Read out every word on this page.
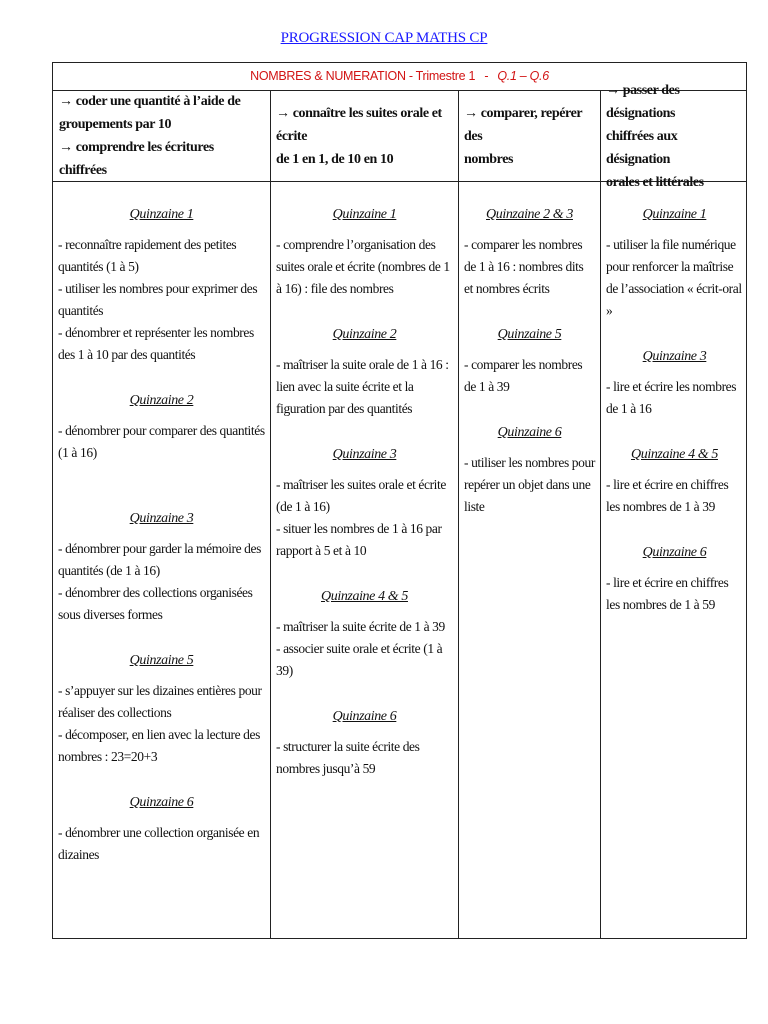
PROGRESSION CAP MATHS CP
NOMBRES & NUMERATION - Trimestre 1 - Q.1 – Q.6
→ coder une quantité à l’aide de
groupements par 10
→ comprendre les écritures chiffrées
→ connaître les suites orale et écrite
de 1 en 1, de 10 en 10
→ comparer, repérer des
nombres
→ passer des désignations
chiffrées aux désignation
orales et littérales
Quinzaine 1

- reconnaître rapidement des petites quantités (1 à 5)

- utiliser les nombres pour exprimer des quantités

- dénombrer et représenter les nombres des 1 à 10 par des quantités

Quinzaine 2

- dénombrer pour comparer des quantités (1 à 16)

Quinzaine 3

- dénombrer pour garder la mémoire des quantités (de 1 à 16)

- dénombrer des collections organisées sous diverses formes

Quinzaine 5

- s’appuyer sur les dizaines entières pour réaliser des collections

- décomposer, en lien avec la lecture des nombres : 23=20+3

Quinzaine 6

- dénombrer une collection organisée en dizaines

Quinzaine 1

- comprendre l’organisation des suites orale et écrite (nombres de 1 à 16) : file des nombres

Quinzaine 2

- maîtriser la suite orale de 1 à 16 : lien avec la suite écrite et la figuration par des quantités

Quinzaine 3

- maîtriser les suites orale et écrite (de 1 à 16)

- situer les nombres de 1 à 16 par rapport à 5 et à 10

Quinzaine 4 & 5

- maîtriser la suite écrite de 1 à 39

- associer suite orale et écrite (1 à 39)

Quinzaine 6

- structurer la suite écrite des nombres jusqu’à 59

Quinzaine 2 & 3

- comparer les nombres de 1 à 16 : nombres dits et nombres écrits

Quinzaine 5

- comparer les nombres de 1 à 39

Quinzaine 6

- utiliser les nombres pour repérer un objet dans une liste

Quinzaine 1

- utiliser la file numérique pour renforcer la maîtrise de l’association « écrit-oral »

Quinzaine 3

- lire et écrire les nombres de 1 à 16

Quinzaine 4 & 5

- lire et écrire en chiffres les nombres de 1 à 39

Quinzaine 6

- lire et écrire en chiffres les nombres de 1 à 59
